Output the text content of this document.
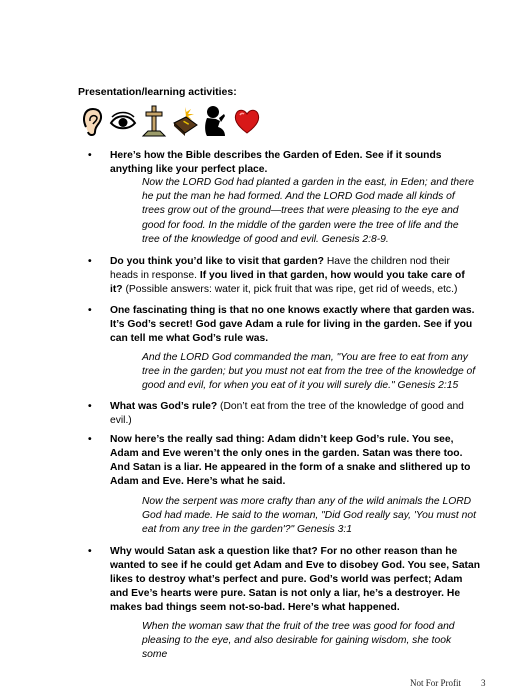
Presentation/learning activities:
• Here’s how the Bible describes the Garden of Eden. See if it sounds anything like your perfect place.
Now the LORD God had planted a garden in the east, in Eden; and there he put the man he had formed. And the LORD God made all kinds of trees grow out of the ground—trees that were pleasing to the eye and good for food. In the middle of the garden were the tree of life and the tree of the knowledge of good and evil. Genesis 2:8-9.
• Do you think you’d like to visit that garden? Have the children nod their heads in response. If you lived in that garden, how would you take care of it? (Possible answers: water it, pick fruit that was ripe, get rid of weeds, etc.)
• One fascinating thing is that no one knows exactly where that garden was. It’s God’s secret! God gave Adam a rule for living in the garden. See if you can tell me what God’s rule was.
And the LORD God commanded the man, "You are free to eat from any tree in the garden; but you must not eat from the tree of the knowledge of good and evil, for when you eat of it you will surely die." Genesis 2:15
• What was God’s rule? (Don’t eat from the tree of the knowledge of good and evil.)
• Now here’s the really sad thing: Adam didn’t keep God’s rule. You see, Adam and Eve weren’t the only ones in the garden. Satan was there too. And Satan is a liar. He appeared in the form of a snake and slithered up to Adam and Eve. Here’s what he said.
Now the serpent was more crafty than any of the wild animals the LORD God had made. He said to the woman, "Did God really say, 'You must not eat from any tree in the garden'?" Genesis 3:1
• Why would Satan ask a question like that? For no other reason than he wanted to see if he could get Adam and Eve to disobey God. You see, Satan likes to destroy what’s perfect and pure. God’s world was perfect; Adam and Eve’s hearts were pure. Satan is not only a liar, he’s a destroyer. He makes bad things seem not-so-bad. Here’s what happened.
When the woman saw that the fruit of the tree was good for food and pleasing to the eye, and also desirable for gaining wisdom, she took some
Not For Profit 3
